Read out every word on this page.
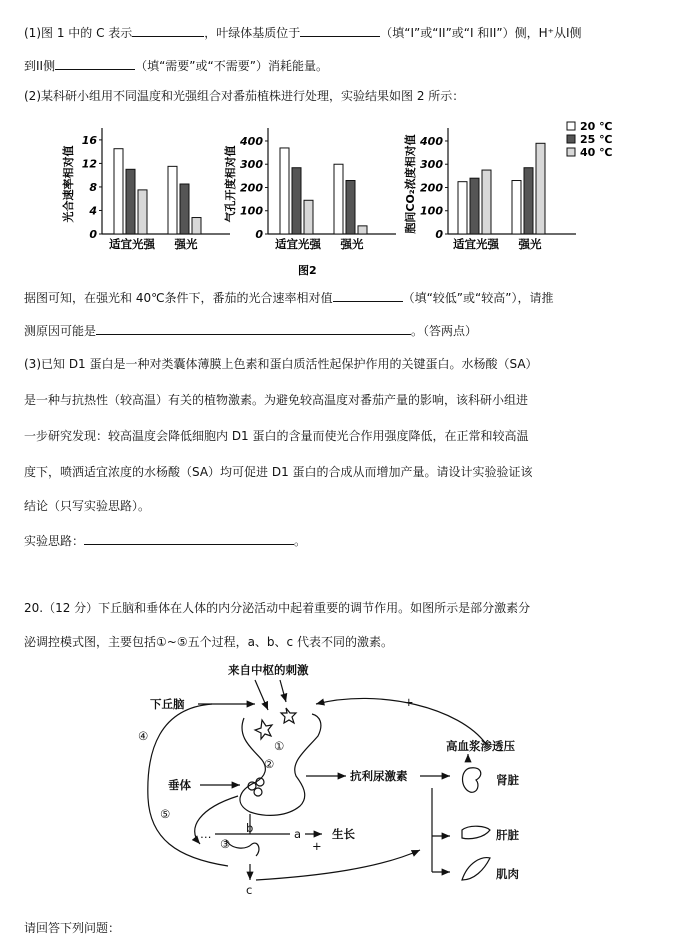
(1)图 1 中的 C 表示	，叶绿体基质位于	（填“I”或“II”或“I 和II”）侧，H⁺从I侧
到II侧	（填“需要”或“不需要”）消耗能量。
(2)某科研小组用不同温度和光强组合对番茄植株进行处理，实验结果如图 2 所示：
0
4
8
12
16
光合速率相对值
适宜光强 强光
0
100
200
300
400
气孔开度相对值
适宜光强 强光
0
100
200
300
400
胞间CO₂浓度相对值
适宜光强 强光
20 ℃
25 ℃
40 ℃
图2
据图可知，在强光和 40℃条件下，番茄的光合速率相对值	（填“较低”或“较高”），请推
测原因可能是	。（答两点）
(3)已知 D1 蛋白是一种对类囊体薄膜上色素和蛋白质活性起保护作用的关键蛋白。水杨酸（SA）
是一种与抗热性（较高温）有关的植物激素。为避免较高温度对番茄产量的影响，该科研小组进
一步研究发现：较高温度会降低细胞内 D1 蛋白的含量而使光合作用强度降低，在正常和较高温
度下，喷洒适宜浓度的水杨酸（SA）均可促进 D1 蛋白的合成从而增加产量。请设计实验验证该
结论（只写实验思路）。
实验思路：	。
20.（12 分）下丘脑和垂体在人体的内分泌活动中起着重要的调节作用。如图所示是部分激素分
泌调控模式图，主要包括①~⑤五个过程，a、b、c 代表不同的激素。
来自中枢的刺激
下丘脑
垂体
抗利尿激素
高血浆渗透压
肾脏
肝脏
肌肉
生长
①
②
③
④
⑤
a
b
c
+
+
…
请回答下列问题：
